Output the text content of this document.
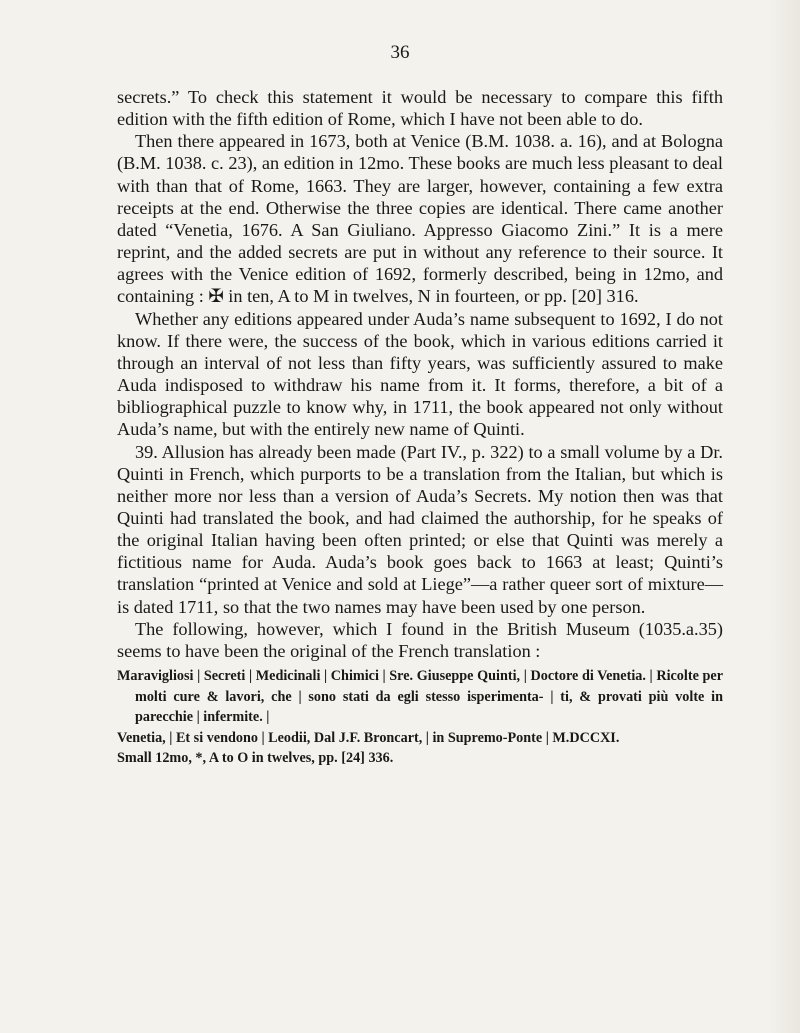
36

secrets.” To check this statement it would be necessary to compare this fifth edition with the fifth edition of Rome, which I have not been able to do.

Then there appeared in 1673, both at Venice (B.M. 1038. a. 16), and at Bologna (B.M. 1038. c. 23), an edition in 12mo. These books are much less pleasant to deal with than that of Rome, 1663. They are larger, however, containing a few extra receipts at the end. Otherwise the three copies are identical. There came another dated “Venetia, 1676. A San Giuliano. Appresso Giacomo Zini.” It is a mere reprint, and the added secrets are put in without any reference to their source. It agrees with the Venice edition of 1692, formerly described, being in 12mo, and containing : ✠ in ten, A to M in twelves, N in fourteen, or pp. [20] 316.

Whether any editions appeared under Auda’s name subsequent to 1692, I do not know. If there were, the success of the book, which in various editions carried it through an interval of not less than fifty years, was sufficiently assured to make Auda indisposed to withdraw his name from it. It forms, therefore, a bit of a bibliographical puzzle to know why, in 1711, the book appeared not only without Auda’s name, but with the entirely new name of Quinti.

39. Allusion has already been made (Part IV., p. 322) to a small volume by a Dr. Quinti in French, which purports to be a translation from the Italian, but which is neither more nor less than a version of Auda’s Secrets. My notion then was that Quinti had translated the book, and had claimed the authorship, for he speaks of the original Italian having been often printed; or else that Quinti was merely a fictitious name for Auda. Auda’s book goes back to 1663 at least; Quinti’s translation “printed at Venice and sold at Liege”—a rather queer sort of mixture—is dated 1711, so that the two names may have been used by one person.

The following, however, which I found in the British Museum (1035.a.35) seems to have been the original of the French translation :

Maravigliosi | Secreti | Medicinali | Chimici | Sre. Giuseppe Quinti, | Doctore di Venetia. | Ricolte per molti cure & lavori, che | sono stati da egli stesso isperimenta- | ti, & provati più volte in parecchie | infermite. |
Venetia, | Et si vendono | Leodii, Dal J.F. Broncart, | in Supremo-Ponte | M.DCCXI.
Small 12mo, *, A to O in twelves, pp. [24] 336.
